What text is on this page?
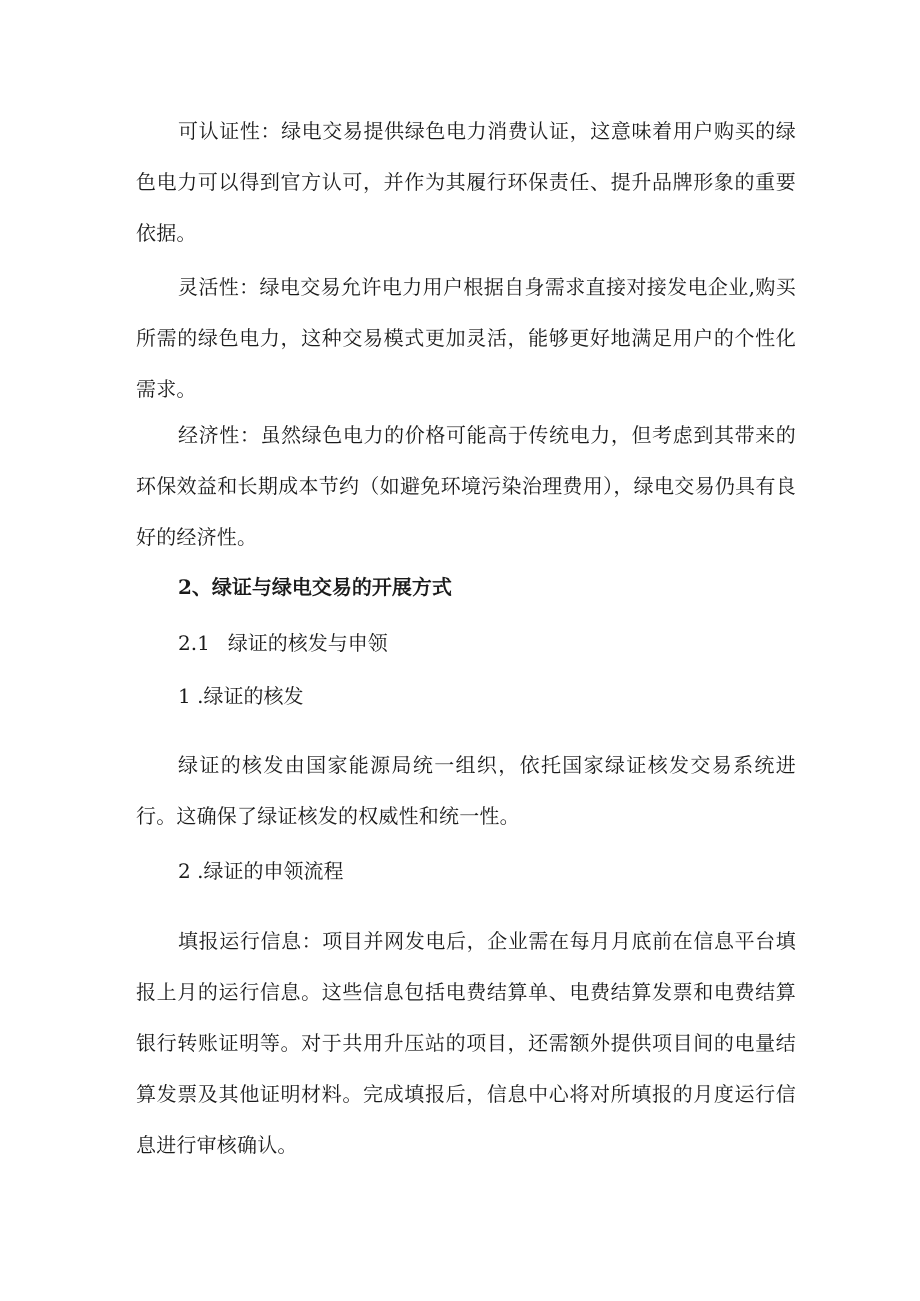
可认证性：绿电交易提供绿色电力消费认证，这意味着用户购买的绿色电力可以得到官方认可，并作为其履行环保责任、提升品牌形象的重要依据。

灵活性：绿电交易允许电力用户根据自身需求直接对接发电企业,购买所需的绿色电力，这种交易模式更加灵活，能够更好地满足用户的个性化需求。

经济性：虽然绿色电力的价格可能高于传统电力，但考虑到其带来的环保效益和长期成本节约（如避免环境污染治理费用），绿电交易仍具有良好的经济性。

2、绿证与绿电交易的开展方式

2.1 绿证的核发与申领

1 .绿证的核发

绿证的核发由国家能源局统一组织，依托国家绿证核发交易系统进行。这确保了绿证核发的权威性和统一性。

2 .绿证的申领流程

填报运行信息：项目并网发电后，企业需在每月月底前在信息平台填报上月的运行信息。这些信息包括电费结算单、电费结算发票和电费结算银行转账证明等。对于共用升压站的项目，还需额外提供项目间的电量结算发票及其他证明材料。完成填报后，信息中心将对所填报的月度运行信息进行审核确认。
